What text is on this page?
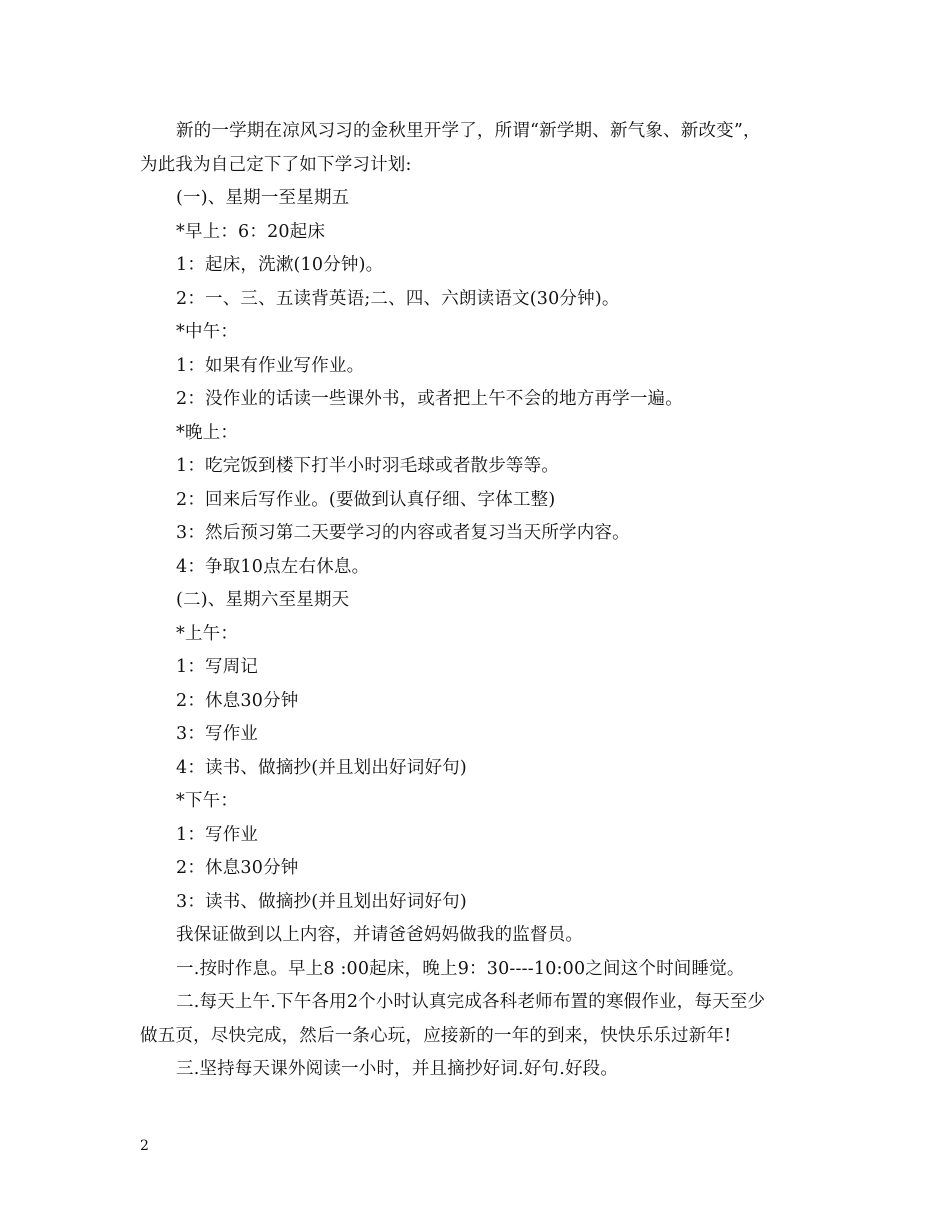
新的一学期在凉风习习的金秋里开学了，所谓“新学期、新气象、新改变”，
为此我为自己定下了如下学习计划:
(一)、星期一至星期五
*早上：6：20起床
1：起床，洗漱(10分钟)。
2：一、三、五读背英语;二、四、六朗读语文(30分钟)。
*中午：
1：如果有作业写作业。
2：没作业的话读一些课外书，或者把上午不会的地方再学一遍。
*晚上：
1：吃完饭到楼下打半小时羽毛球或者散步等等。
2：回来后写作业。(要做到认真仔细、字体工整)
3：然后预习第二天要学习的内容或者复习当天所学内容。
4：争取10点左右休息。
(二)、星期六至星期天
*上午：
1：写周记
2：休息30分钟
3：写作业
4：读书、做摘抄(并且划出好词好句)
*下午：
1：写作业
2：休息30分钟
3：读书、做摘抄(并且划出好词好句)
我保证做到以上内容，并请爸爸妈妈做我的监督员。
一.按时作息。早上8 :00起床，晚上9：30----10:00之间这个时间睡觉。
二.每天上午.下午各用2个小时认真完成各科老师布置的寒假作业，每天至少
做五页，尽快完成，然后一条心玩，应接新的一年的到来，快快乐乐过新年!
三.坚持每天课外阅读一小时，并且摘抄好词.好句.好段。
2
